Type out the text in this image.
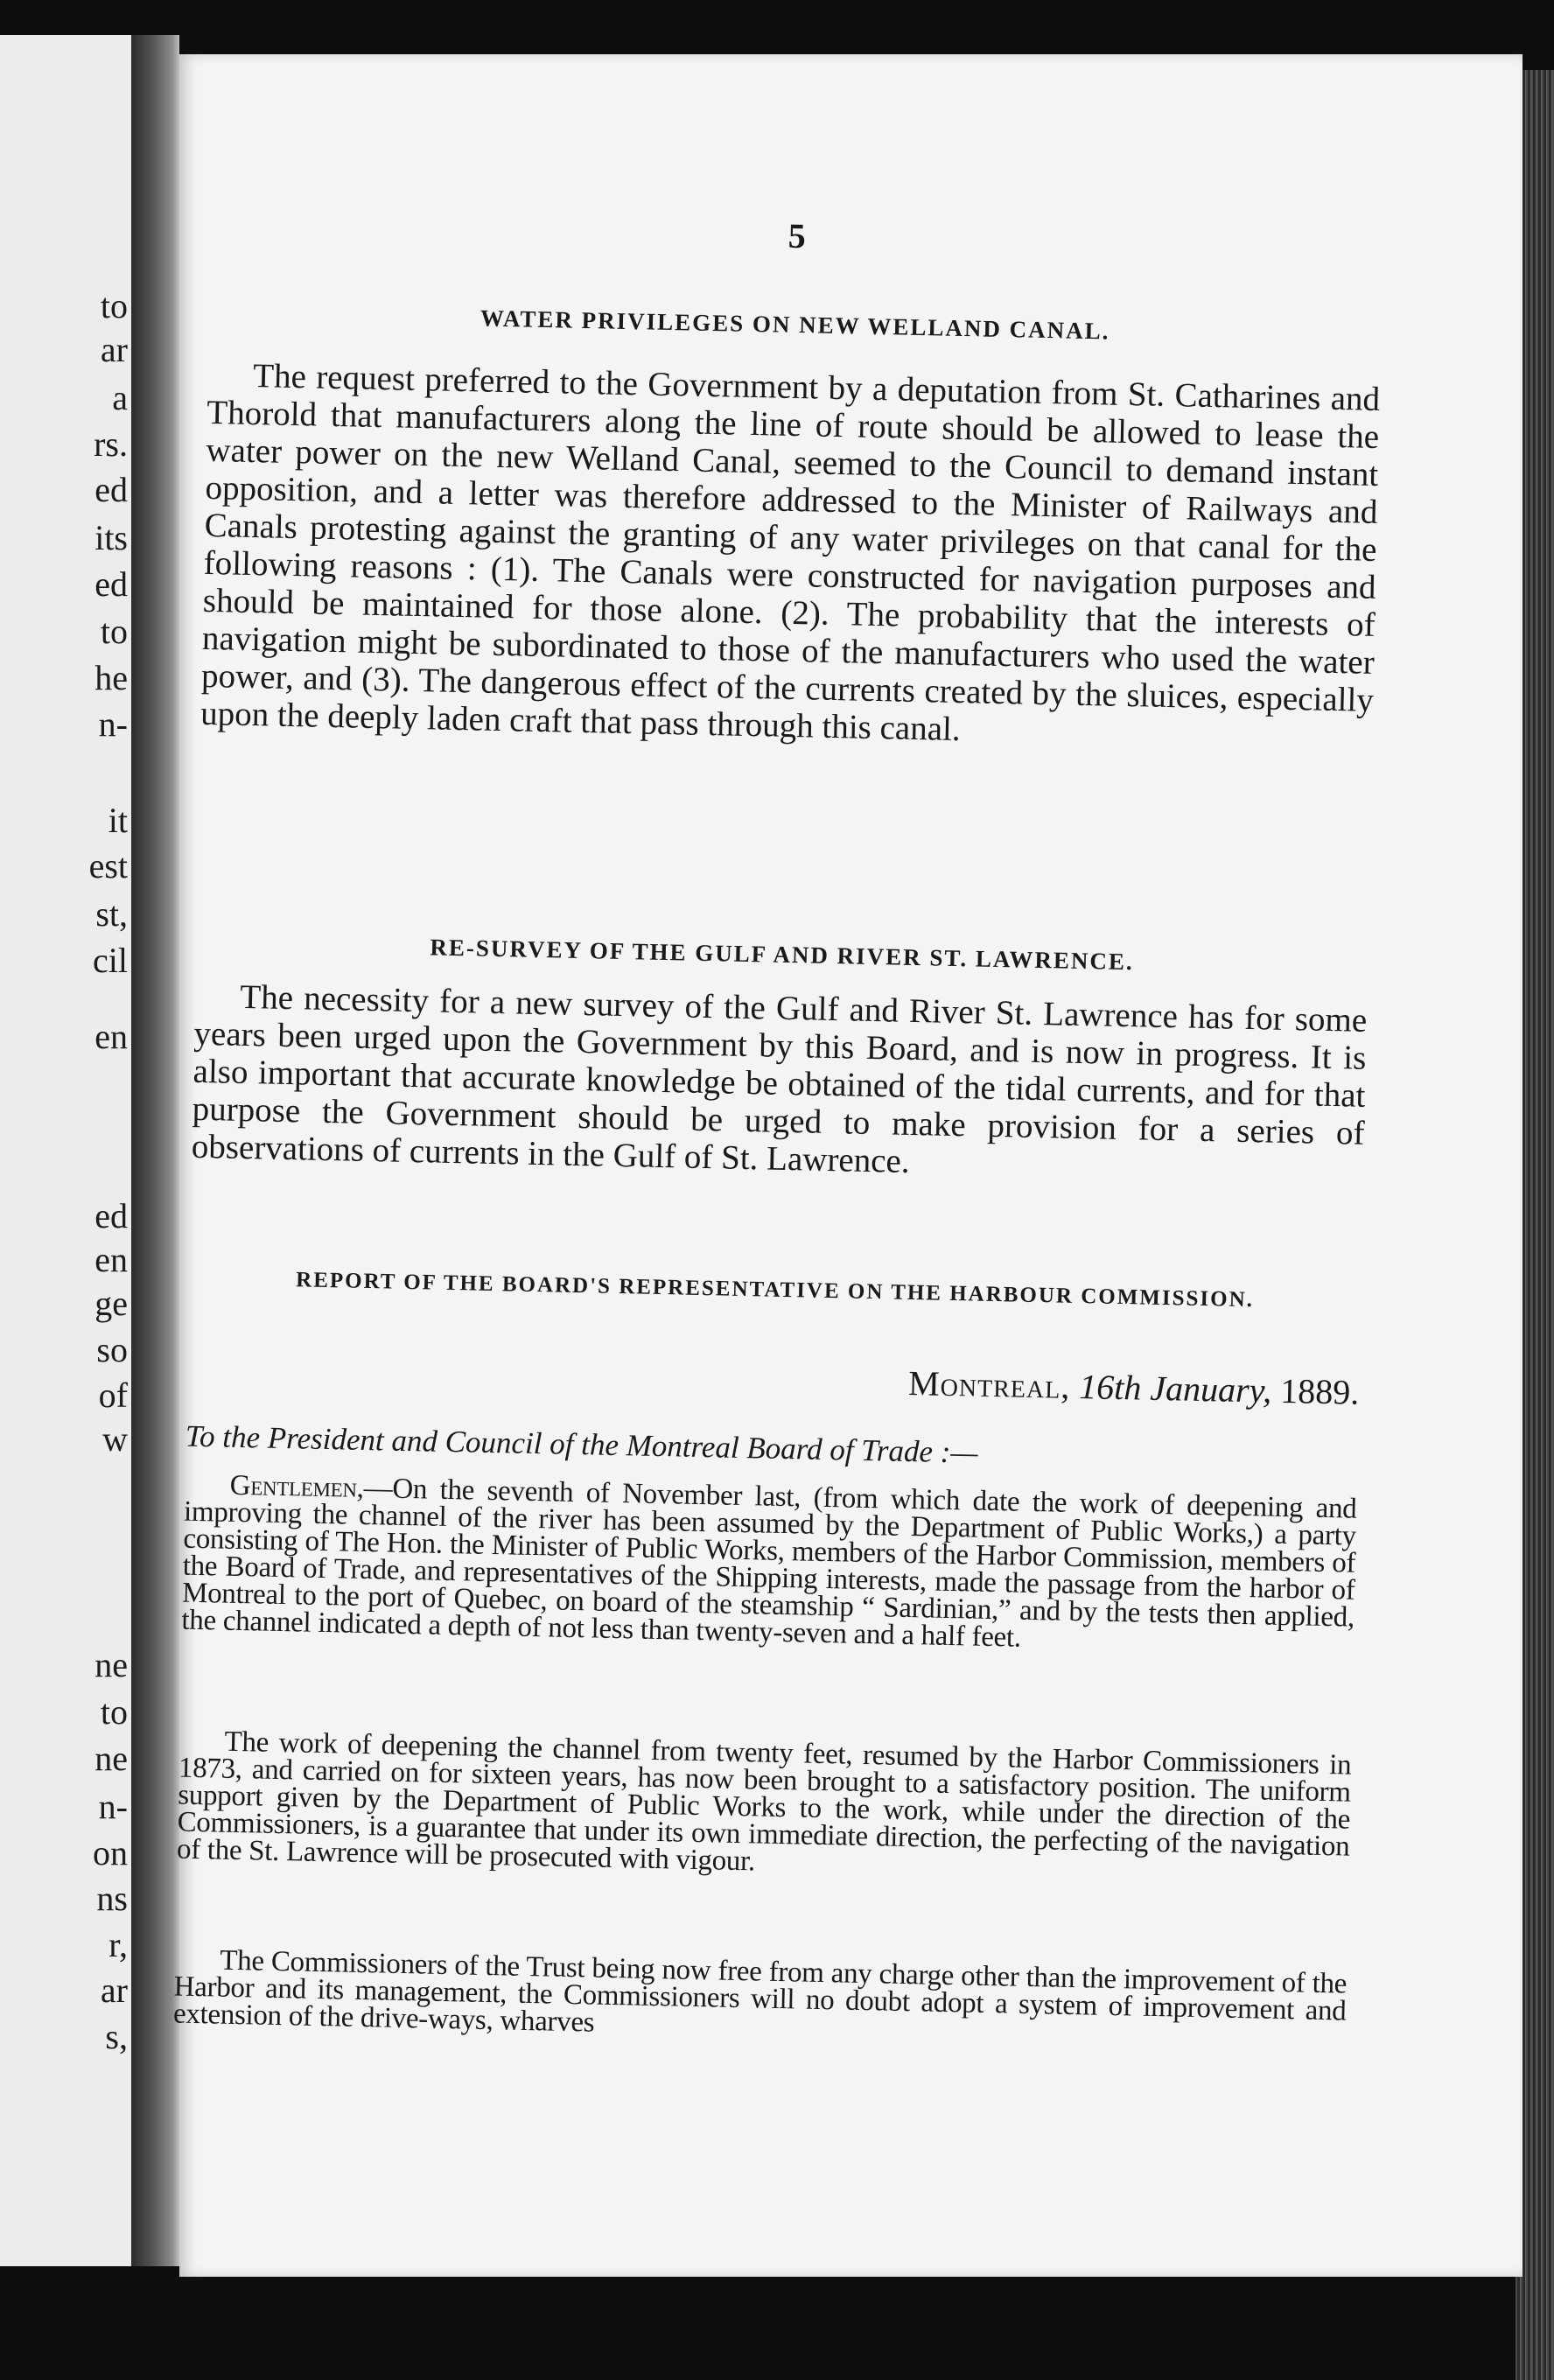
to
ar
a
rs.
ed
its
ed
to
he
n-
it
est
st,
cil
en
ed
en
ge
so
of
w
ne
to
ne
n-
on
ns
r,
ar
s,
5
WATER PRIVILEGES ON NEW WELLAND CANAL.
The request preferred to the Government by a deputation from St. Catharines and Thorold that manufacturers along the line of route should be allowed to lease the water power on the new Welland Canal, seemed to the Council to demand instant opposition, and a letter was therefore addressed to the Minister of Railways and Canals protesting against the granting of any water privileges on that canal for the following reasons : (1). The Canals were constructed for navigation purposes and should be maintained for those alone. (2). The probability that the interests of navigation might be subordinated to those of the manufacturers who used the water power, and (3). The dangerous effect of the currents created by the sluices, especially upon the deeply laden craft that pass through this canal.
RE-SURVEY OF THE GULF AND RIVER ST. LAWRENCE.
The necessity for a new survey of the Gulf and River St. Lawrence has for some years been urged upon the Government by this Board, and is now in progress. It is also important that accurate knowledge be obtained of the tidal currents, and for that purpose the Government should be urged to make provision for a series of observations of currents in the Gulf of St. Lawrence.
REPORT OF THE BOARD'S REPRESENTATIVE ON THE HARBOUR COMMISSION.
Montreal, 16th January, 1889.
To the President and Council of the Montreal Board of Trade :—
Gentlemen,—On the seventh of November last, (from which date the work of deepening and improving the channel of the river has been assumed by the Department of Public Works,) a party consisting of The Hon. the Minister of Public Works, members of the Harbor Commission, members of the Board of Trade, and representatives of the Shipping interests, made the passage from the harbor of Montreal to the port of Quebec, on board of the steamship “ Sardinian,” and by the tests then applied, the channel indicated a depth of not less than twenty-seven and a half feet.
The work of deepening the channel from twenty feet, resumed by the Harbor Commissioners in 1873, and carried on for sixteen years, has now been brought to a satisfactory position. The uniform support given by the Department of Public Works to the work, while under the direction of the Commissioners, is a guarantee that under its own immediate direction, the perfecting of the navigation of the St. Lawrence will be prosecuted with vigour.
The Commissioners of the Trust being now free from any charge other than the improvement of the Harbor and its management, the Commissioners will no doubt adopt a system of improvement and extension of the drive-ways, wharves
